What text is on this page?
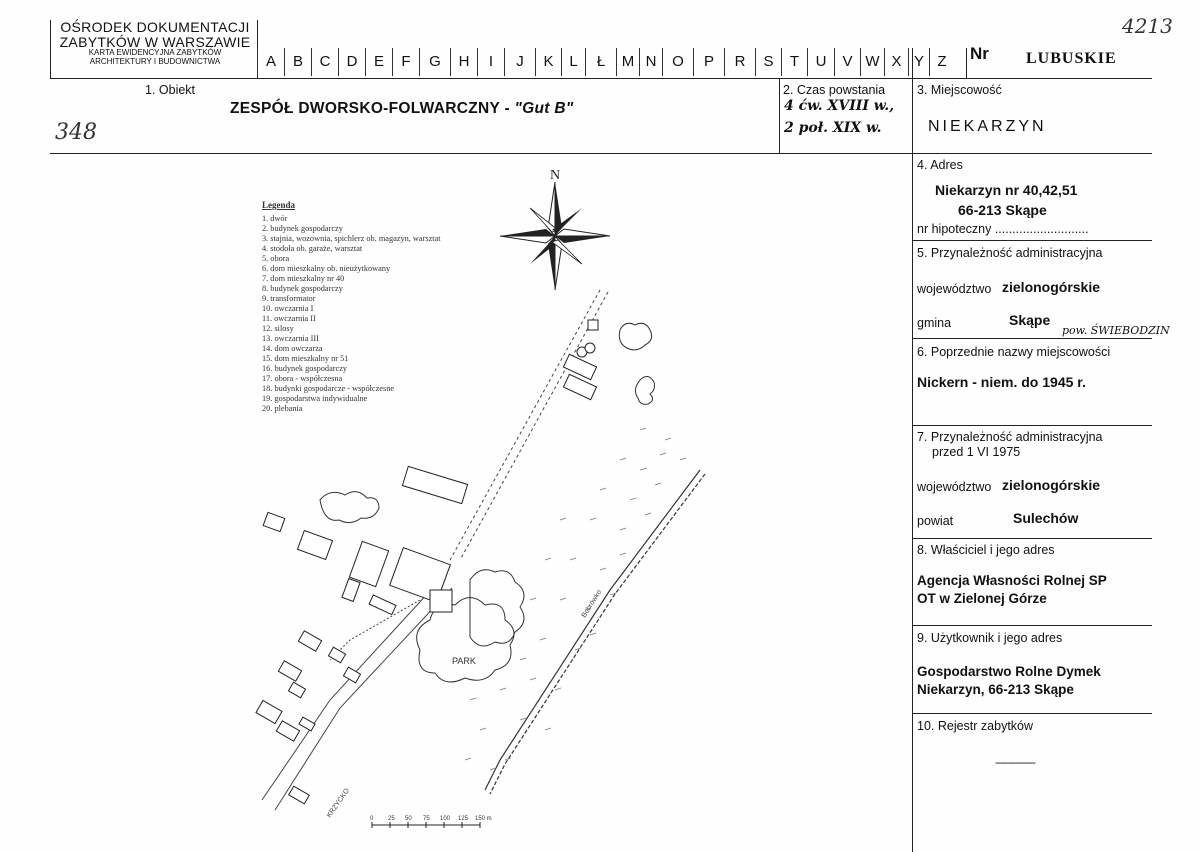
OŚRODEK DOKUMENTACJI
ZABYTKÓW W WARSZAWIE
KARTA EWIDENCYJNA ZABYTKÓW
ARCHITEKTURY I BUDOWNICTWA	A	B	C	D	E	F	G	H	I	J	K	L	Ł	M N	O	P	R	S	T	U	V W X Y Z	Nr LUBUSKIE
4213
348
1. Obiekt
ZESPÓŁ DWORSKO-FOLWARCZNY - "Gut B"
2. Czas powstania
4 ćw. XVIII w.,
2 poł. XIX w.
3. Miejscowość
NIEKARZYN
4. Adres
Niekarzyn nr 40,42,51
66-213 Skąpe
nr hipoteczny ...........................
5. Przynależność administracyjna
województwo zielonogórskie
gmina	Skąpe
pow. ŚWIEBODZIN
6. Poprzednie nazwy miejscowości
Nickern - niem. do 1945 r.
7. Przynależność administracyjna
przed 1 VI 1975
województwo zielonogórskie
powiat	Sulechów
8. Właściciel i jego adres
Agencja Własności Rolnej SP
OT w Zielonej Górze
9. Użytkownik i jego adres
Gospodarstwo Rolne Dymek
Niekarzyn, 66-213 Skąpe
10. Rejestr zabytków
---------------
Legenda
1. dwór
2. budynek gospodarczy
3. stajnia, wozownia, spichlerz ob. magazyn, warsztat
4. stodoła ob. garaże, warsztat
5. obora
6. dom mieszkalny ob. nieużytkowany
7. dom mieszkalny nr 40
8. budynek gospodarczy
9. transformator
10. owczarnia I
11. owczarnia II
12. silosy
13. owczarnia III
14. dom owczarza
15. dom mieszkalny nr 51
16. budynek gospodarczy
17. obora - współczesna
18. budynki gospodarcze - współczesne
19. gospodarstwa indywidualne
20. plebania
N
Bobrówko
KRZYCKO
PARK
0 25 50 75 100 125 150 m
